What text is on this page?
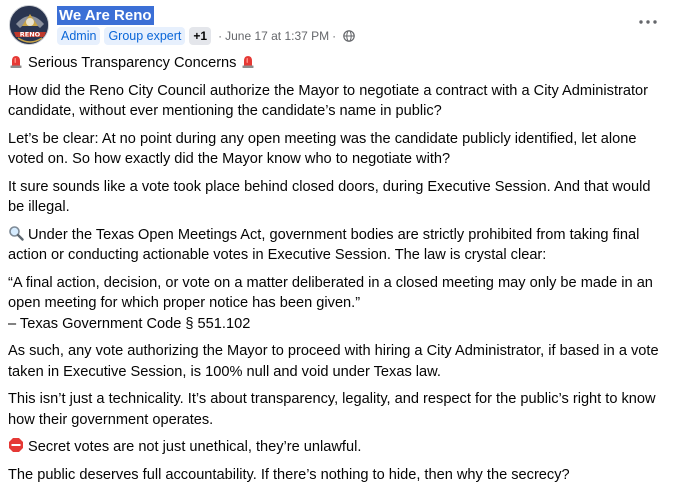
RENO
We Are Reno
Admin Group expert	+1 · June 17 at 1:37 PM ·

Serious Transparency Concerns

How did the Reno City Council authorize the Mayor to negotiate a contract with a City Administrator candidate, without ever mentioning the candidate’s name in public?

Let’s be clear: At no point during any open meeting was the candidate publicly identified, let alone voted on. So how exactly did the Mayor know who to negotiate with?

It sure sounds like a vote took place behind closed doors, during Executive Session. And that would be illegal.

Under the Texas Open Meetings Act, government bodies are strictly prohibited from taking final action or conducting actionable votes in Executive Session. The law is crystal clear:

“A final action, decision, or vote on a matter deliberated in a closed meeting may only be made in an open meeting for which proper notice has been given.”
– Texas Government Code § 551.102

As such, any vote authorizing the Mayor to proceed with hiring a City Administrator, if based in a vote taken in Executive Session, is 100% null and void under Texas law.

This isn’t just a technicality. It’s about transparency, legality, and respect for the public’s right to know how their government operates.

Secret votes are not just unethical, they’re unlawful.

The public deserves full accountability. If there’s nothing to hide, then why the secrecy?
